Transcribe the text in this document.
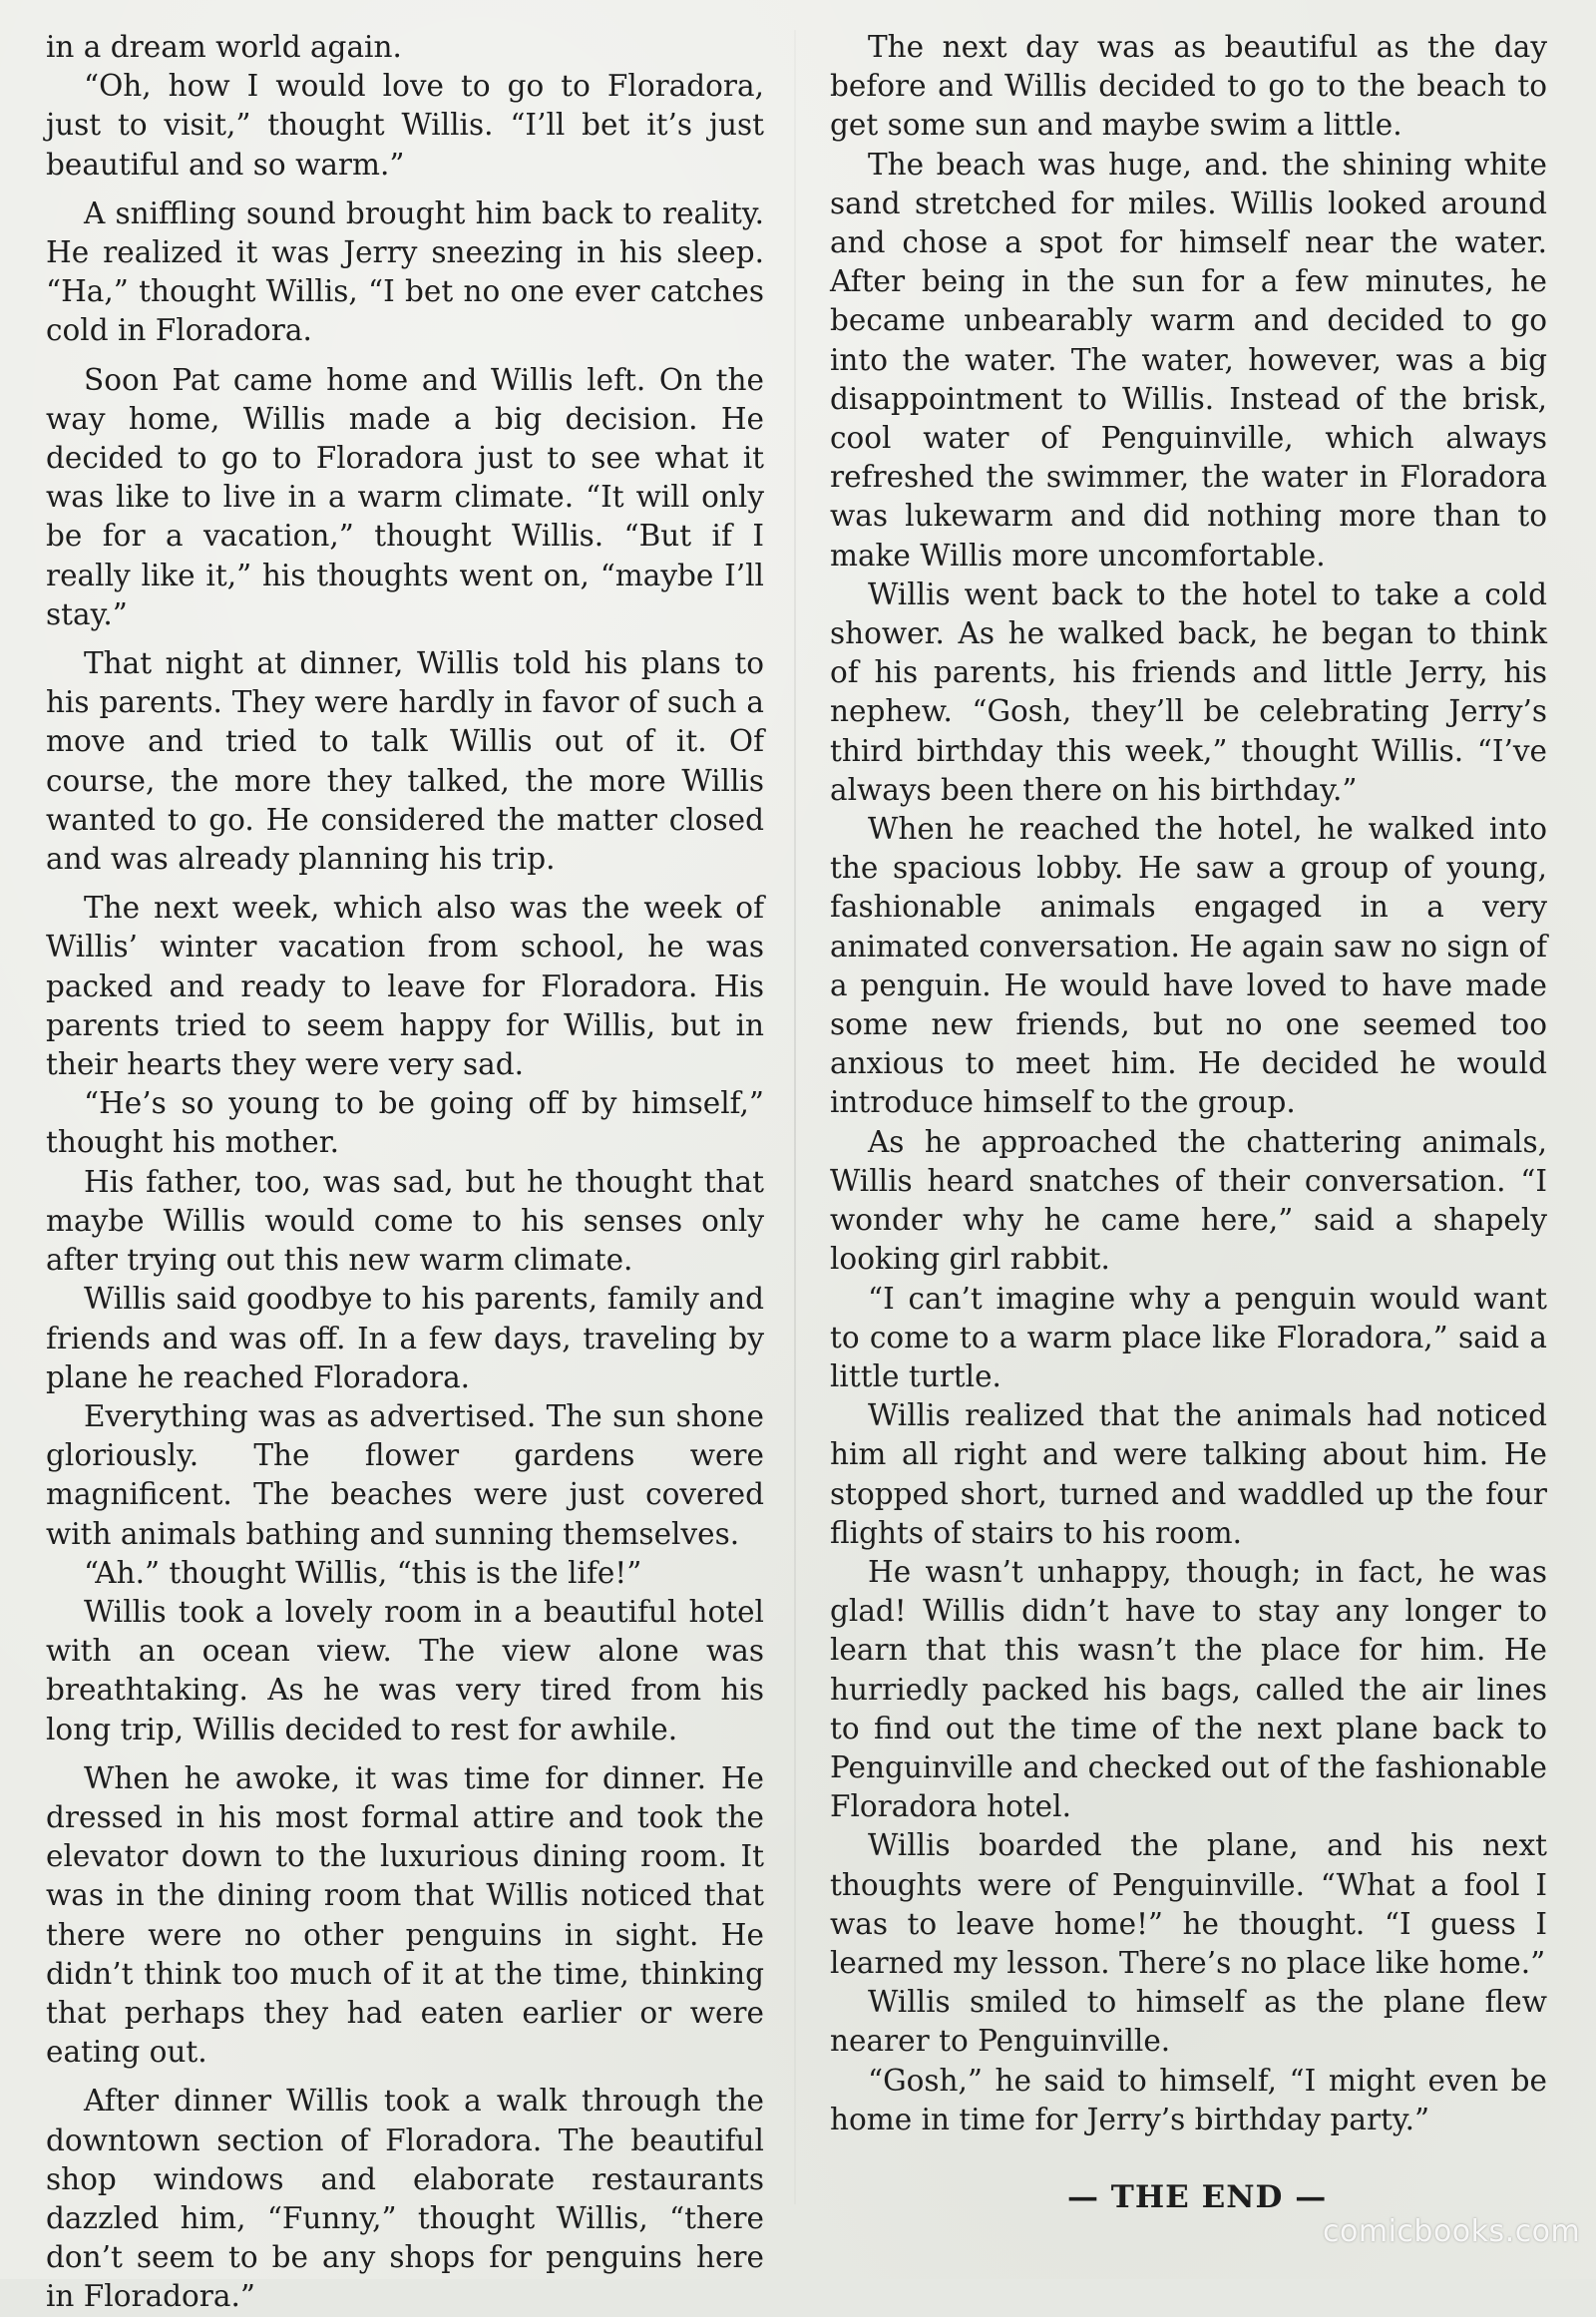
in a dream world again.

“Oh, how I would love to go to Floradora, just to visit,” thought Willis. “I’ll bet it’s just beautiful and so warm.”

A sniffling sound brought him back to reality. He realized it was Jerry sneezing in his sleep. “Ha,” thought Willis, “I bet no one ever catches cold in Floradora.

Soon Pat came home and Willis left. On the way home, Willis made a big decision. He decided to go to Floradora just to see what it was like to live in a warm climate. “It will only be for a vacation,” thought Willis. “But if I really like it,” his thoughts went on, “maybe I’ll stay.”

That night at dinner, Willis told his plans to his parents. They were hardly in favor of such a move and tried to talk Willis out of it. Of course, the more they talked, the more Willis wanted to go. He considered the matter closed and was already planning his trip.

The next week, which also was the week of Willis’ winter vacation from school, he was packed and ready to leave for Floradora. His parents tried to seem happy for Willis, but in their hearts they were very sad.

“He’s so young to be going off by himself,” thought his mother.

His father, too, was sad, but he thought that maybe Willis would come to his senses only after trying out this new warm climate.

Willis said goodbye to his parents, family and friends and was off. In a few days, traveling by plane he reached Floradora.

Everything was as advertised. The sun shone gloriously. The flower gardens were magnificent. The beaches were just covered with animals bathing and sunning themselves.

“Ah.” thought Willis, “this is the life!”

Willis took a lovely room in a beautiful hotel with an ocean view. The view alone was breathtaking. As he was very tired from his long trip, Willis decided to rest for awhile.

When he awoke, it was time for dinner. He dressed in his most formal attire and took the elevator down to the luxurious dining room. It was in the dining room that Willis noticed that there were no other penguins in sight. He didn’t think too much of it at the time, thinking that perhaps they had eaten earlier or were eating out.

After dinner Willis took a walk through the downtown section of Floradora. The beautiful shop windows and elaborate restaurants dazzled him, “Funny,” thought Willis, “there don’t seem to be any shops for penguins here in Floradora.”

The next day was as beautiful as the day before and Willis decided to go to the beach to get some sun and maybe swim a little.

The beach was huge, and. the shining white sand stretched for miles. Willis looked around and chose a spot for himself near the water. After being in the sun for a few minutes, he became unbearably warm and decided to go into the water. The water, however, was a big disappointment to Willis. Instead of the brisk, cool water of Penguinville, which always refreshed the swimmer, the water in Floradora was lukewarm and did nothing more than to make Willis more uncomfortable.

Willis went back to the hotel to take a cold shower. As he walked back, he began to think of his parents, his friends and little Jerry, his nephew. “Gosh, they’ll be celebrating Jerry’s third birthday this week,” thought Willis. “I’ve always been there on his birthday.”

When he reached the hotel, he walked into the spacious lobby. He saw a group of young, fashionable animals engaged in a very animated conversation. He again saw no sign of a penguin. He would have loved to have made some new friends, but no one seemed too anxious to meet him. He decided he would introduce himself to the group.

As he approached the chattering animals, Willis heard snatches of their conversation. “I wonder why he came here,” said a shapely looking girl rabbit.

“I can’t imagine why a penguin would want to come to a warm place like Floradora,” said a little turtle.

Willis realized that the animals had noticed him all right and were talking about him. He stopped short, turned and waddled up the four flights of stairs to his room.

He wasn’t unhappy, though; in fact, he was glad! Willis didn’t have to stay any longer to learn that this wasn’t the place for him. He hurriedly packed his bags, called the air lines to find out the time of the next plane back to Penguinville and checked out of the fashionable Floradora hotel.

Willis boarded the plane, and his next thoughts were of Penguinville. “What a fool I was to leave home!” he thought. “I guess I learned my lesson. There’s no place like home.”

Willis smiled to himself as the plane flew nearer to Penguinville.

“Gosh,” he said to himself, “I might even be home in time for Jerry’s birthday party.”

— THE END —
comicbooks.com
